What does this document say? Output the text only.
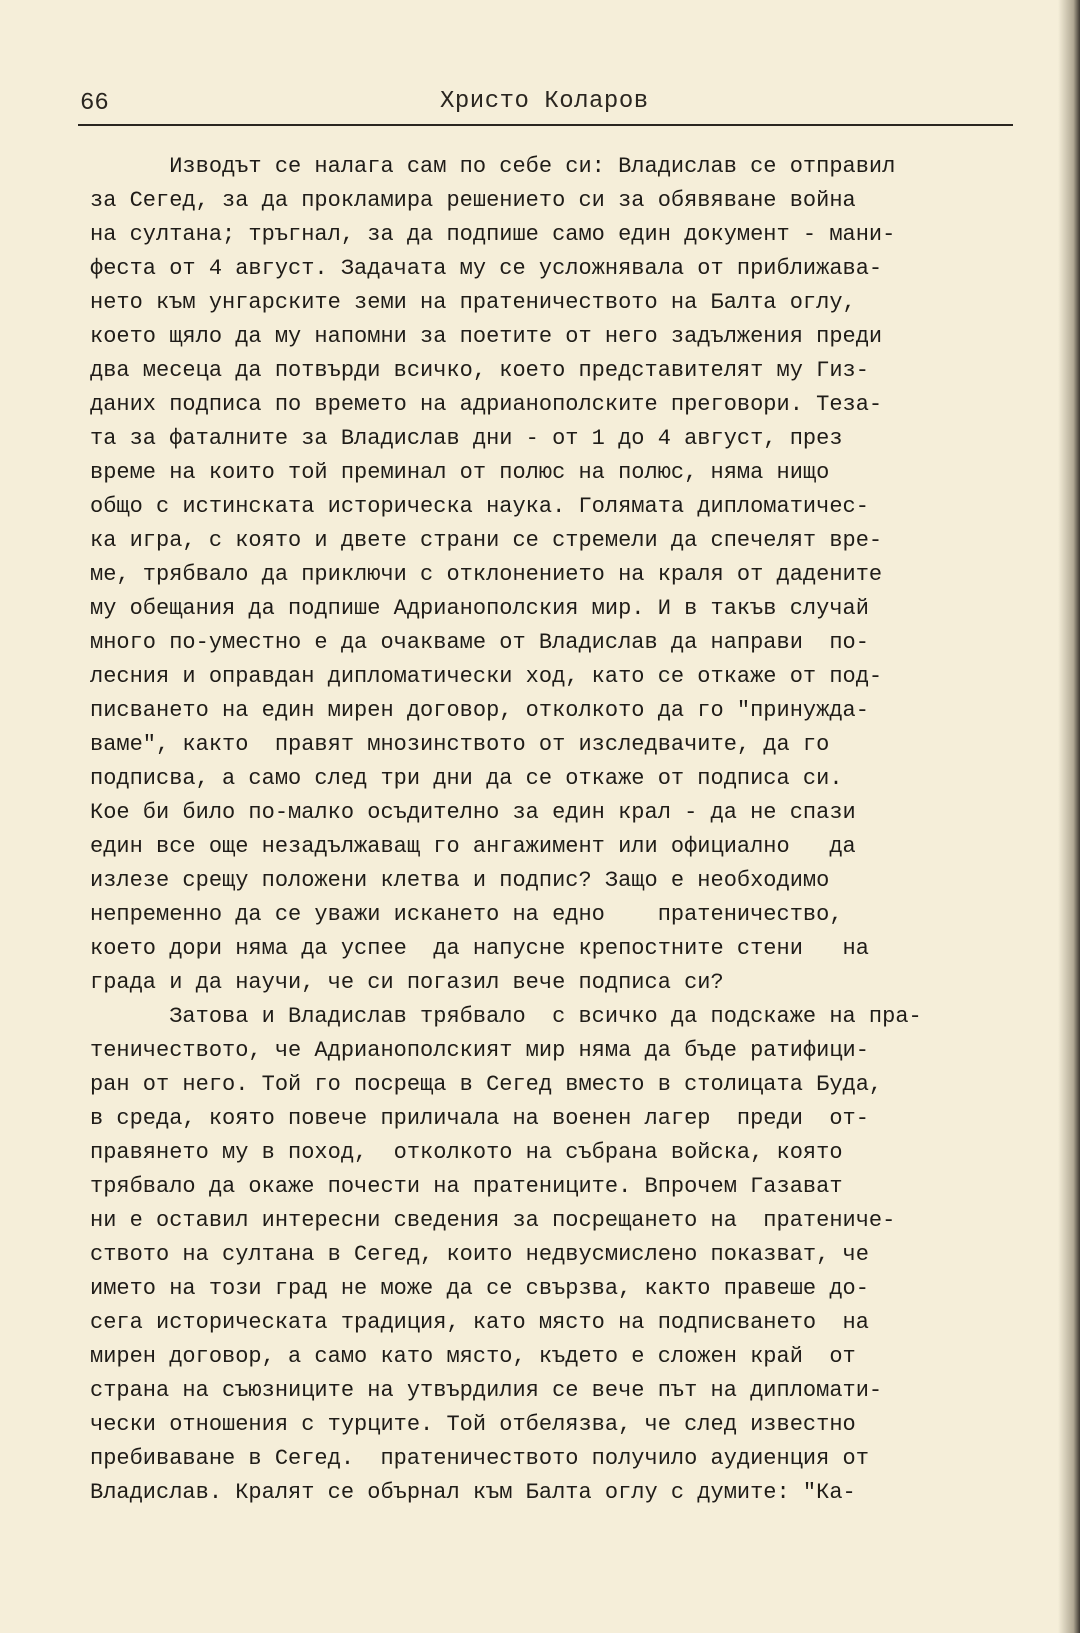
66	Христо Коларов
Изводът се налага сам по себе си: Владислав се отправил
за Сегед, за да прокламира решението си за обявяване война
на султана; тръгнал, за да подпише само един документ - мани-
феста от 4 август. Задачата му се усложнявала от приближава-
нето към унгарските земи на пратеничеството на Балта оглу,
което щяло да му напомни за поетите от него задължения преди
два месеца да потвърди всичко, което представителят му Гиз-
даних подписа по времето на адрианополските преговори. Теза-
та за фаталните за Владислав дни - от 1 до 4 август, през
време на които той преминал от полюс на полюс, няма нищо
общо с истинската историческа наука. Голямата дипломатичес-
ка игра, с която и двете страни се стремели да спечелят вре-
ме, трябвало да приключи с отклонението на краля от дадените
му обещания да подпише Адрианополския мир. И в такъв случай
много по-уместно е да очакваме от Владислав да направи  по-
лесния и оправдан дипломатически ход, като се откаже от под-
писването на един мирен договор, отколкото да го "принуждa-
ваме", както  правят мнозинството от изследвачите, да го
подписва, а само след три дни да се откаже от подписа си.
Кое би било по-малко осъдително за един крал - да не спази
един все още незадължаващ го ангажимент или официално   да
излезе срещу положени клетва и подпис? Защо е необходимо
непременно да се уважи искането на едно    пратеничество,
което дори няма да успее  да напусне крепостните стени   на
града и да научи, че си погазил вече подписа си?
Затова и Владислав трябвало  с всичко да подскаже на пра-
теничеството, че Адрианополският мир няма да бъде ратифици-
ран от него. Той го посреща в Сегед вместо в столицата Буда,
в среда, която повече приличала на военен лагер  преди  от-
правянето му в поход,  отколкото на събрана войска, която
трябвало да окаже почести на пратениците. Впрочем Газават
ни е оставил интересни сведения за посрещането на  пратениче-
ството на султана в Сегед, които недвусмислено показват, че
името на този град не може да се свързва, както правеше до-
сега историческата традиция, като място на подписването  на
мирен договор, а само като място, където е сложен край  от
страна на съюзниците на утвърдилия се вече път на дипломати-
чески отношения с турците. Той отбелязва, че след известно
пребиваване в Сегед.  пратеничеството получило аудиенция от
Владислав. Кралят се обърнал към Балта оглу с думите: "Ка-
